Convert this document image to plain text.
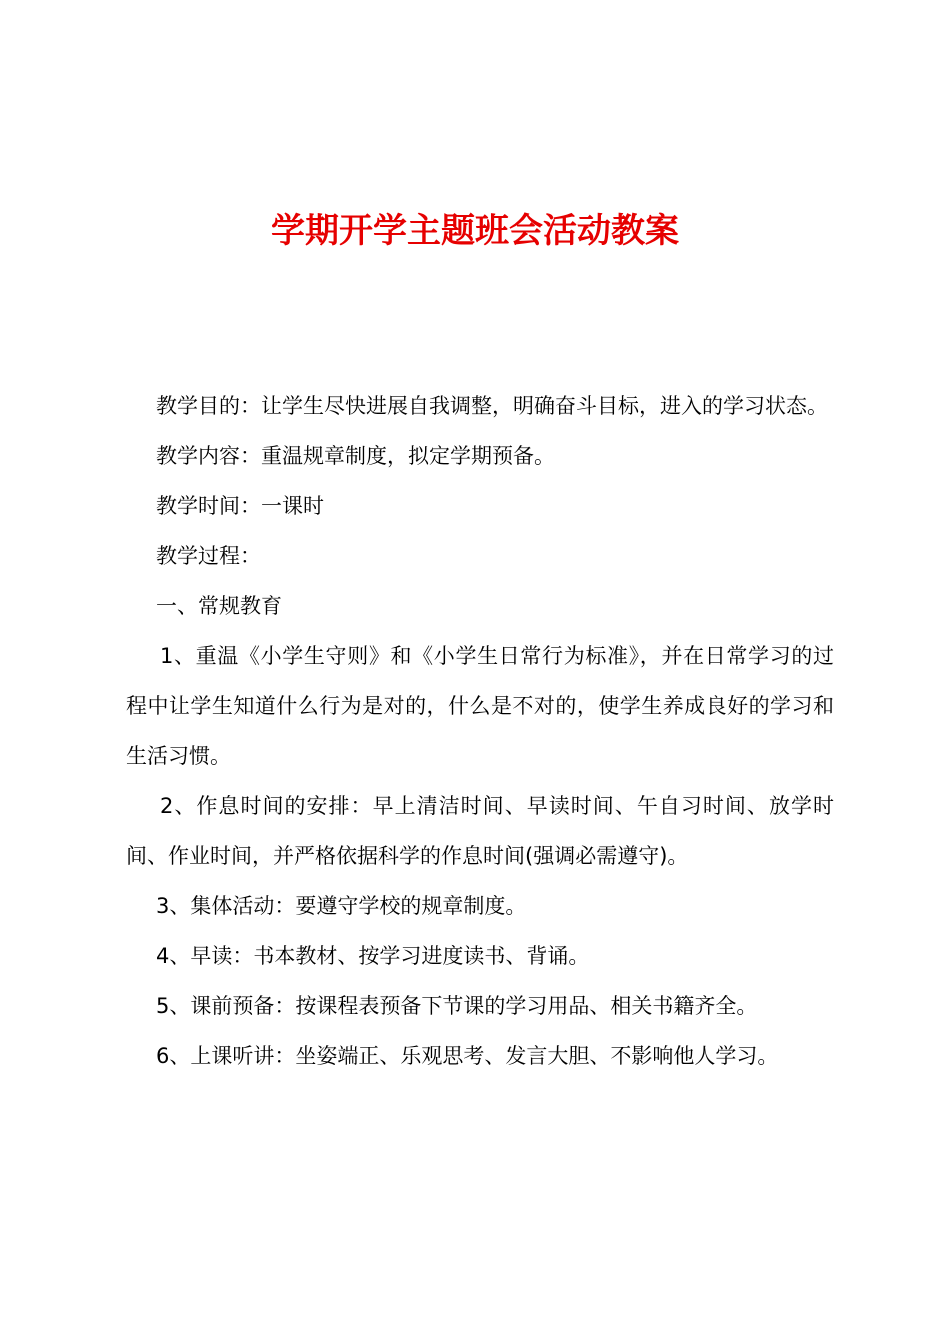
学期开学主题班会活动教案

教学目的：让学生尽快进展自我调整，明确奋斗目标，进入的学习状态。

教学内容：重温规章制度，拟定学期预备。

教学时间：一课时

教学过程：

一、常规教育

1、重温《小学生守则》和《小学生日常行为标准》，并在日常学习的过程中让学生知道什么行为是对的，什么是不对的，使学生养成良好的学习和生活习惯。

2、作息时间的安排：早上清洁时间、早读时间、午自习时间、放学时间、作业时间，并严格依据科学的作息时间(强调必需遵守)。

3、集体活动：要遵守学校的规章制度。

4、早读：书本教材、按学习进度读书、背诵。

5、课前预备：按课程表预备下节课的学习用品、相关书籍齐全。

6、上课听讲：坐姿端正、乐观思考、发言大胆、不影响他人学习。
